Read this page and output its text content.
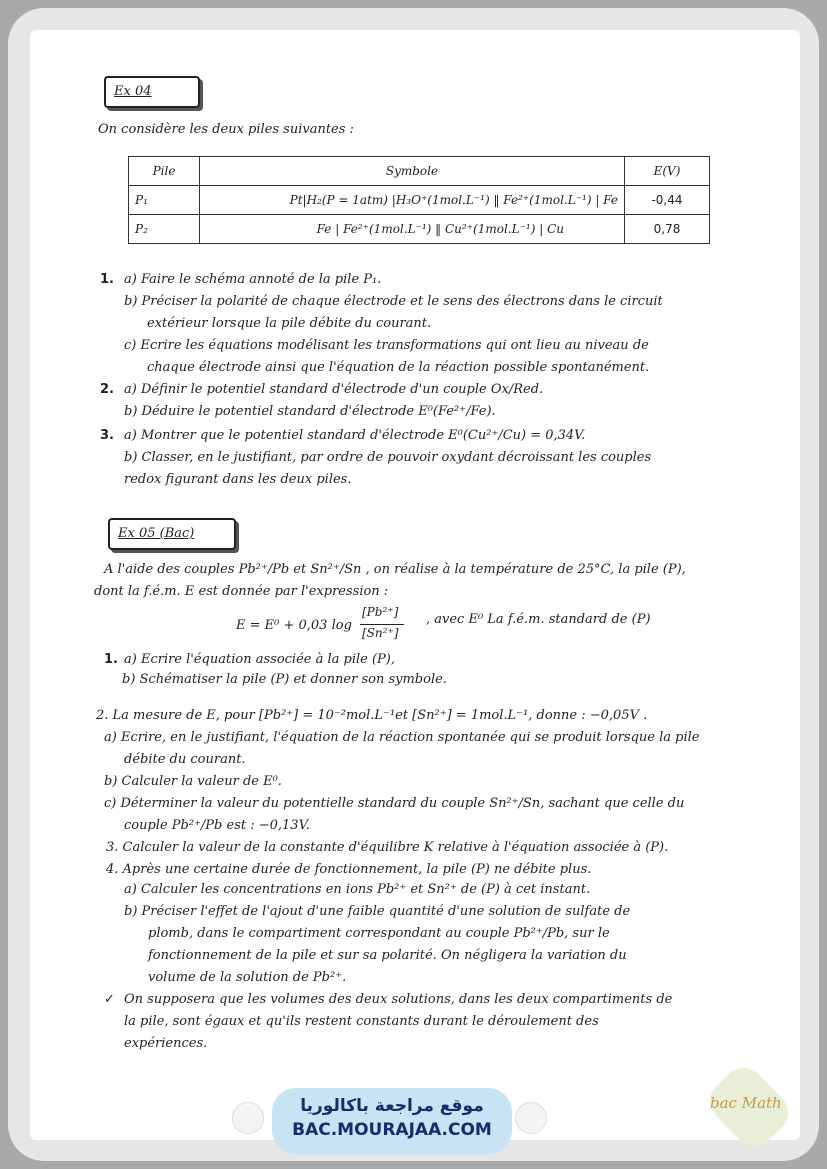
Ex 04
On considère les deux piles suivantes :
Pile	Symbole	E(V)
P₁	Pt|H₂(P = 1atm) |H₃O⁺(1mol.L⁻¹) ‖ Fe²⁺(1mol.L⁻¹) | Fe	-0,44
P₂	Fe | Fe²⁺(1mol.L⁻¹) ‖ Cu²⁺(1mol.L⁻¹) | Cu	0,78
1. a) Faire le schéma annoté de la pile P₁.
b) Préciser la polarité de chaque électrode et le sens des électrons dans le circuit
extérieur lorsque la pile débite du courant.
c) Ecrire les équations modélisant les transformations qui ont lieu au niveau de
chaque électrode ainsi que l'équation de la réaction possible spontanément.
2. a) Définir le potentiel standard d'électrode d'un couple Ox/Red.
b) Déduire le potentiel standard d'électrode E⁰(Fe²⁺/Fe).
3. a) Montrer que le potentiel standard d'électrode E⁰(Cu²⁺/Cu) = 0,34V.
b) Classer, en le justifiant, par ordre de pouvoir oxydant décroissant les couples
redox figurant dans les deux piles.
Ex 05 (Bac)
A l'aide des couples Pb²⁺/Pb et Sn²⁺/Sn , on réalise à la température de 25°C, la pile (P),
dont la f.é.m. E est donnée par l'expression :
E = E⁰ + 0,03 log
[Pb²⁺]
[Sn²⁺]
, avec E⁰ La f.é.m. standard de (P)
1. a) Ecrire l'équation associée à la pile (P),
b) Schématiser la pile (P) et donner son symbole.
2. La mesure de E, pour [Pb²⁺] = 10⁻²mol.L⁻¹et [Sn²⁺] = 1mol.L⁻¹, donne : −0,05V .
a) Ecrire, en le justifiant, l'équation de la réaction spontanée qui se produit lorsque la pile
débite du courant.
b) Calculer la valeur de E⁰.
c) Déterminer la valeur du potentielle standard du couple Sn²⁺/Sn, sachant que celle du
couple Pb²⁺/Pb est : −0,13V.
3. Calculer la valeur de la constante d'équilibre K relative à l'équation associée à (P).
4. Après une certaine durée de fonctionnement, la pile (P) ne débite plus.
a) Calculer les concentrations en ions Pb²⁺ et Sn²⁺ de (P) à cet instant.
b) Préciser l'effet de l'ajout d'une faible quantité d'une solution de sulfate de
plomb, dans le compartiment correspondant au couple Pb²⁺/Pb, sur le
fonctionnement de la pile et sur sa polarité. On négligera la variation du
volume de la solution de Pb²⁺.
✓ On supposera que les volumes des deux solutions, dans les deux compartiments de
la pile, sont égaux et qu'ils restent constants durant le déroulement des
expériences.
موقع مراجعة باكالوريا
BAC.MOURAJAA.COM
bac Math
